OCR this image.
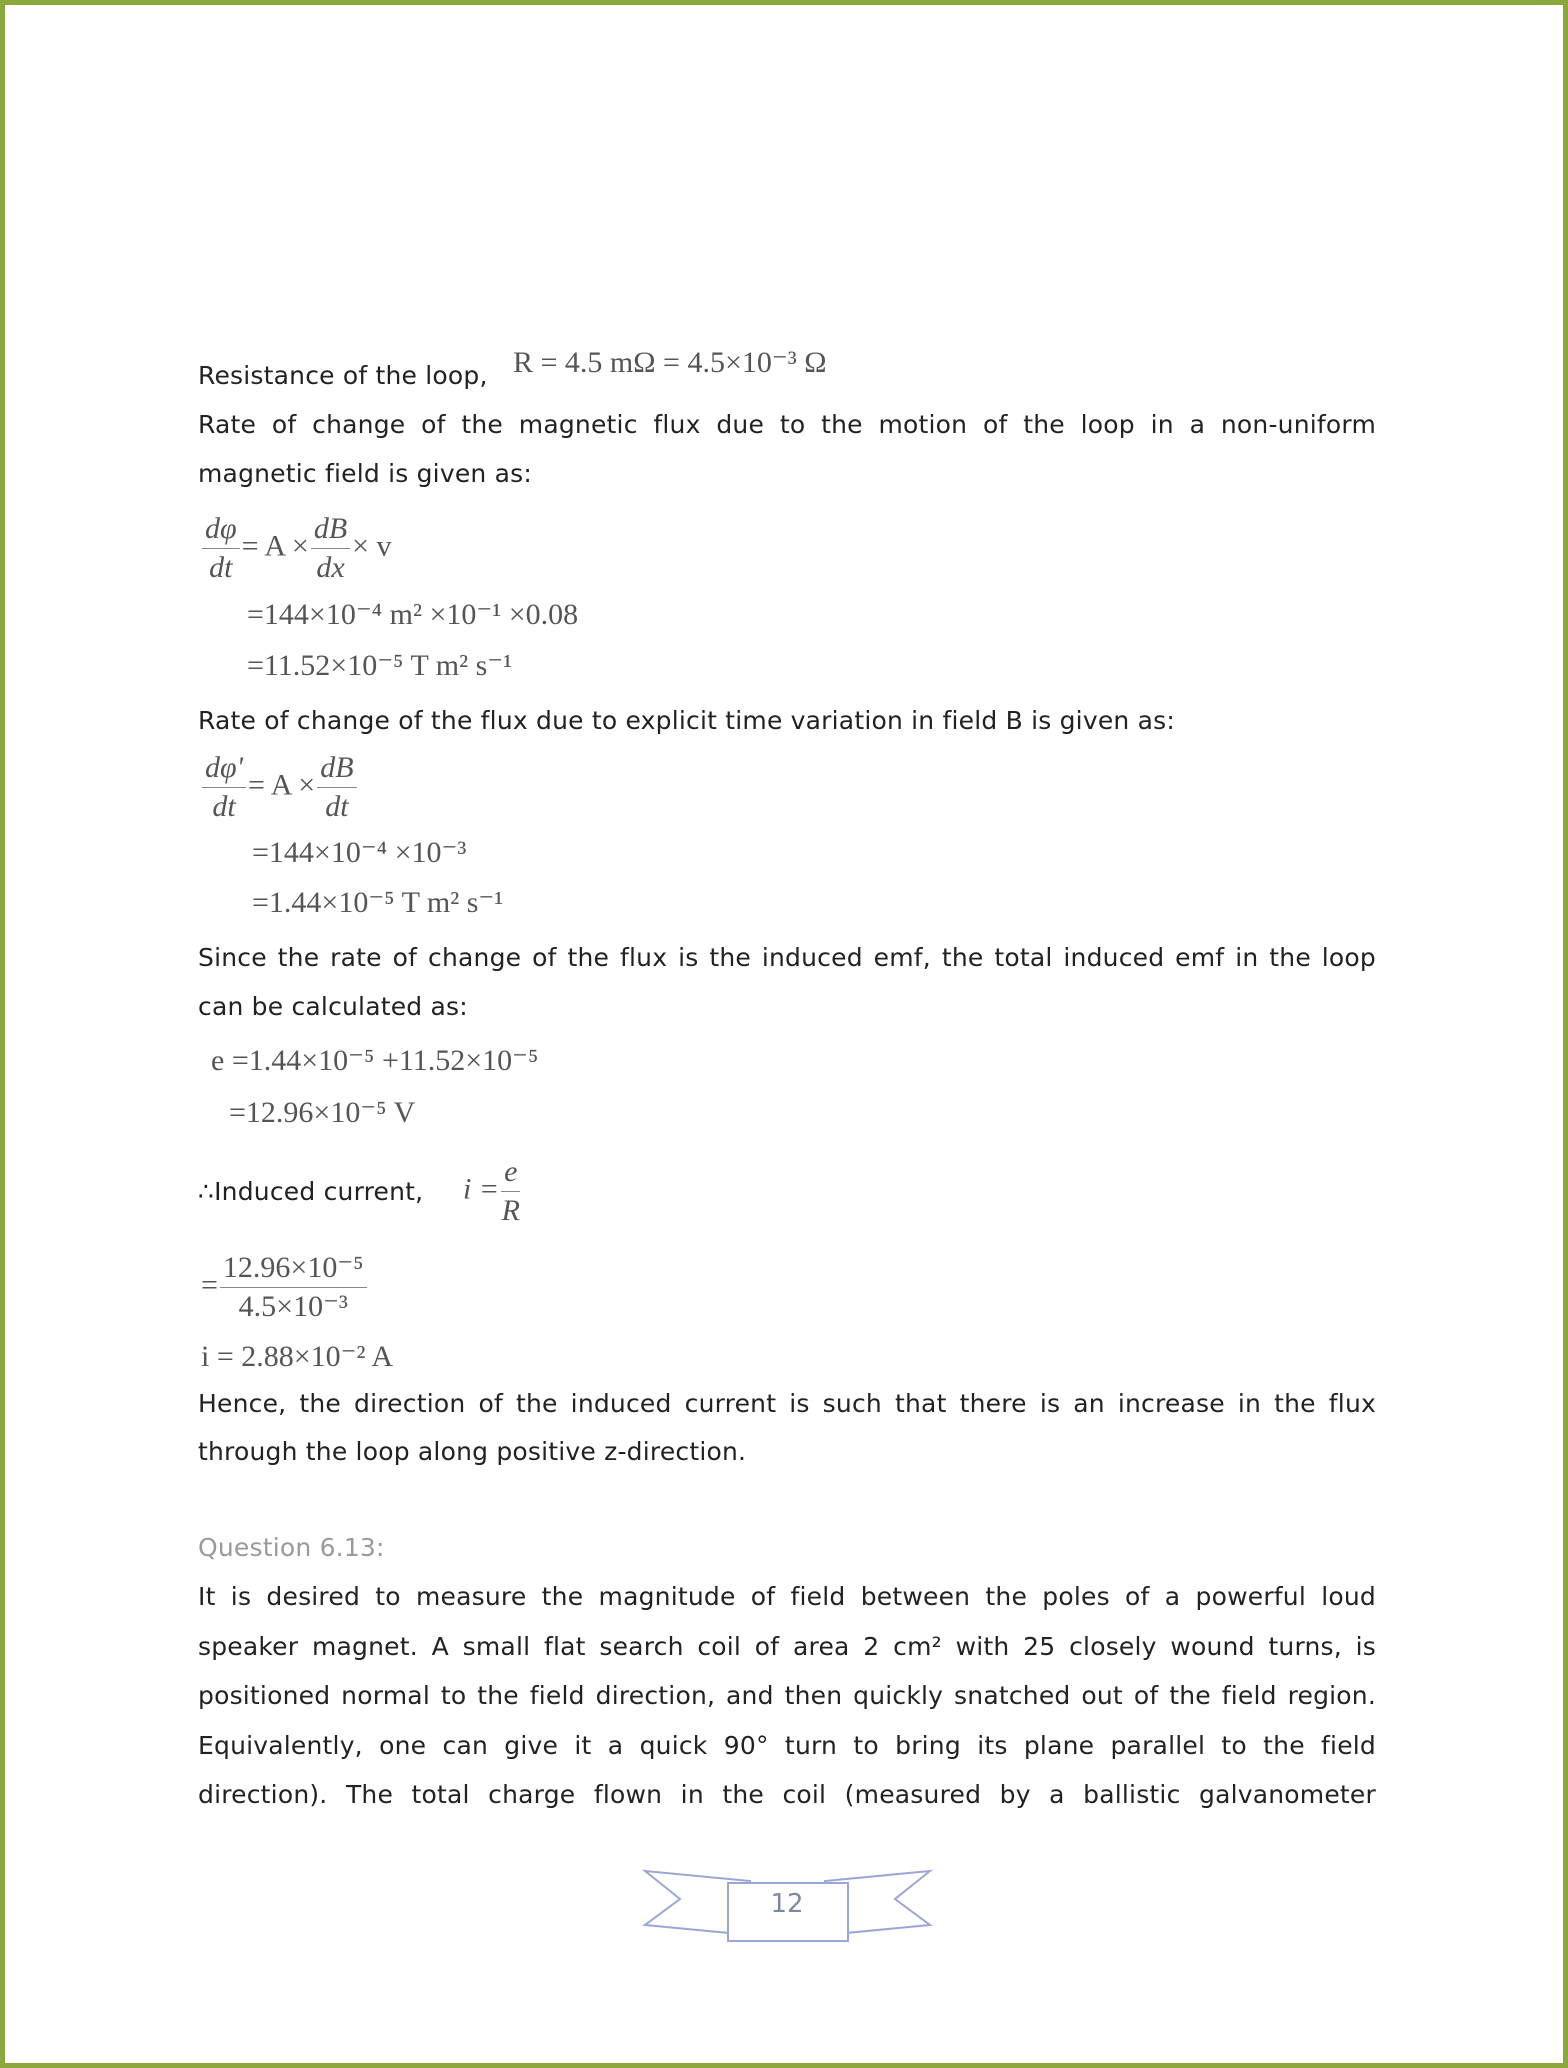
Resistance of the loop, R = 4.5 mΩ = 4.5×10⁻³ Ω
Rate of change of the magnetic flux due to the motion of the loop in a non-uniform
magnetic field is given as:
$\frac{d\varphi}{dt} = A \times \frac{dB}{dx} \times v$
=144×10⁻⁴ m² ×10⁻¹ ×0.08
=11.52×10⁻⁵ T m² s⁻¹
Rate of change of the flux due to explicit time variation in field B is given as:
$\frac{d\varphi'}{dt} = A \times \frac{dB}{dt}$
=144×10⁻⁴ ×10⁻³
=1.44×10⁻⁵ T m² s⁻¹
Since the rate of change of the flux is the induced emf, the total induced emf in the loop
can be calculated as:
e =1.44×10⁻⁵ +11.52×10⁻⁵
=12.96×10⁻⁵ V
∴Induced current, $i = \frac{e}{R}$
= $\frac{\text{12.96×10⁻⁵}}{\text{4.5×10⁻³}}$
i = 2.88×10⁻² A
Hence, the direction of the induced current is such that there is an increase in the flux
through the loop along positive z-direction.
Question 6.13:
It is desired to measure the magnitude of field between the poles of a powerful loud
speaker magnet. A small flat search coil of area 2 cm² with 25 closely wound turns, is
positioned normal to the field direction, and then quickly snatched out of the field region.
Equivalently, one can give it a quick 90° turn to bring its plane parallel to the field
direction). The total charge flown in the coil (measured by a ballistic galvanometer
12
